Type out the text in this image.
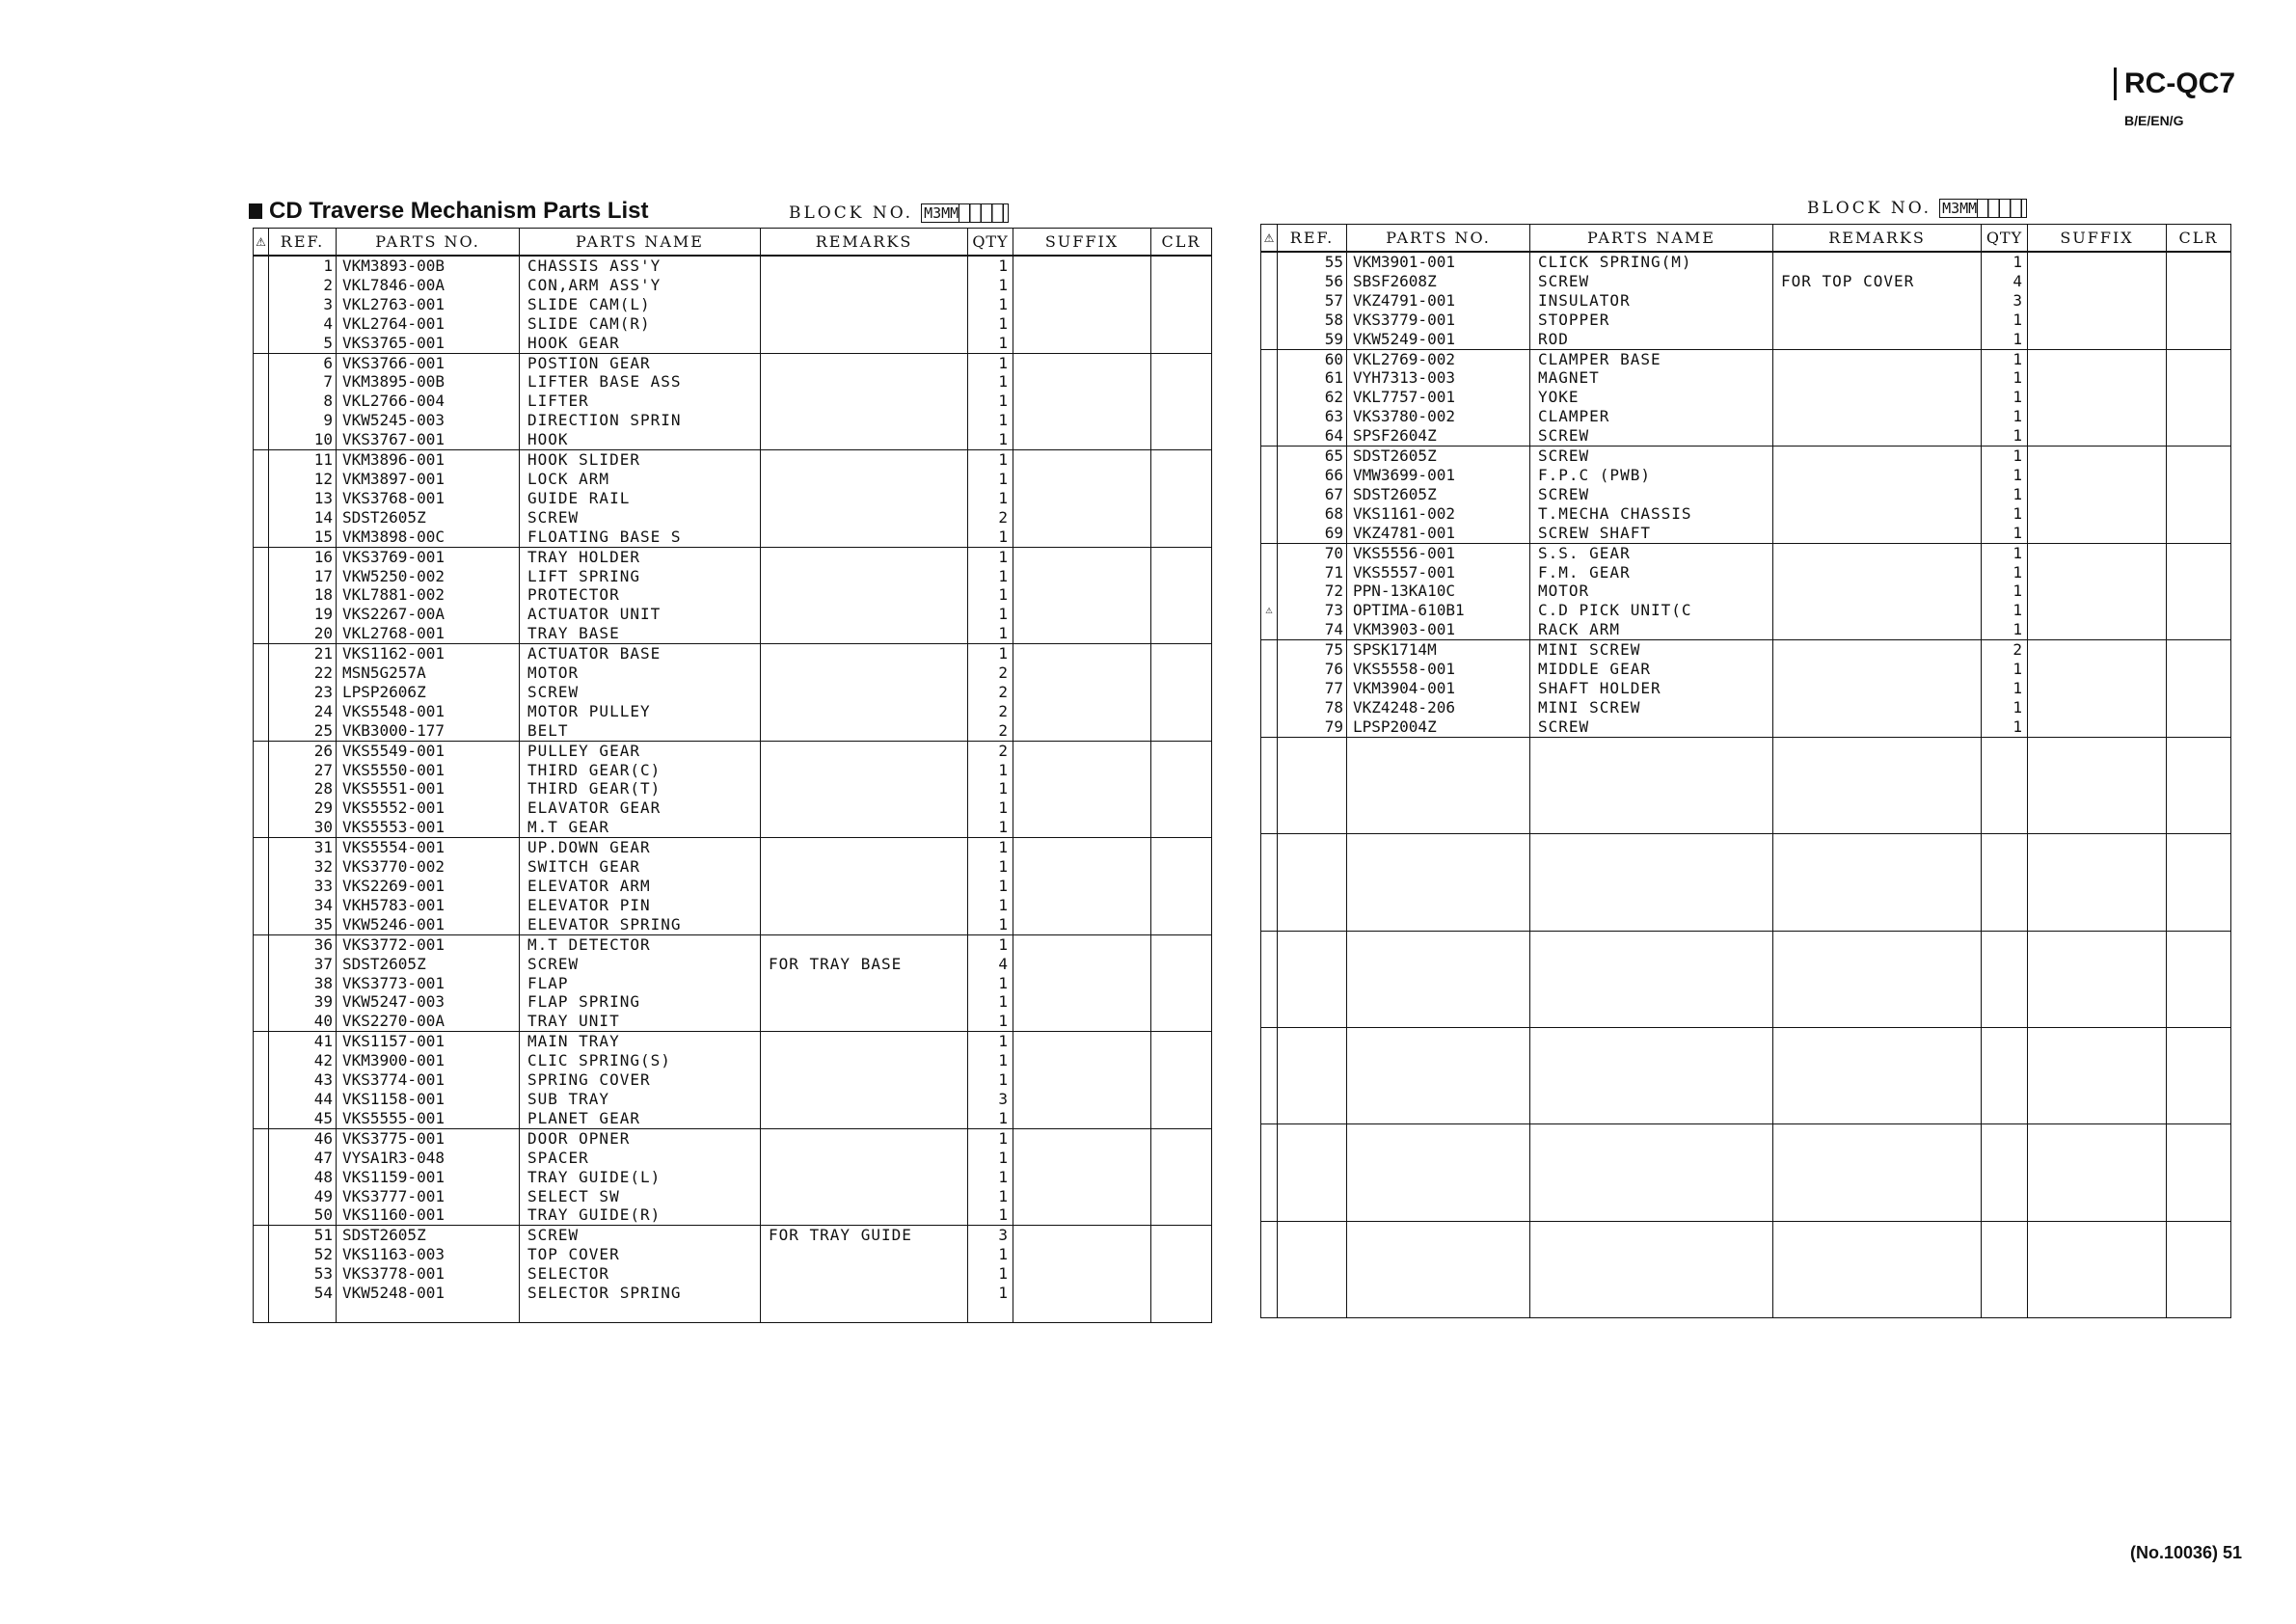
RC-QC7 B/E/EN/G
CD Traverse Mechanism Parts List	BLOCK NO. M3MM	BLOCK NO. M3MM
⚠	REF.	PARTS NO.	PARTS NAME	REMARKS	QTY	SUFFIX	CLR
	1	VKM3893-00B	CHASSIS ASS'Y		1		
	2	VKL7846-00A	CON,ARM ASS'Y		1		
	3	VKL2763-001	SLIDE CAM(L)		1		
	4	VKL2764-001	SLIDE CAM(R)		1		
	5	VKS3765-001	HOOK GEAR		1		
	6	VKS3766-001	POSTION GEAR		1		
	7	VKM3895-00B	LIFTER BASE ASS		1		
	8	VKL2766-004	LIFTER		1		
	9	VKW5245-003	DIRECTION SPRIN		1		
	10	VKS3767-001	HOOK		1		
	11	VKM3896-001	HOOK SLIDER		1		
	12	VKM3897-001	LOCK ARM		1		
	13	VKS3768-001	GUIDE RAIL		1		
	14	SDST2605Z	SCREW		2		
	15	VKM3898-00C	FLOATING BASE S		1		
	16	VKS3769-001	TRAY HOLDER		1		
	17	VKW5250-002	LIFT SPRING		1		
	18	VKL7881-002	PROTECTOR		1		
	19	VKS2267-00A	ACTUATOR UNIT		1		
	20	VKL2768-001	TRAY BASE		1		
	21	VKS1162-001	ACTUATOR BASE		1		
	22	MSN5G257A	MOTOR		2		
	23	LPSP2606Z	SCREW		2		
	24	VKS5548-001	MOTOR PULLEY		2		
	25	VKB3000-177	BELT		2		
	26	VKS5549-001	PULLEY GEAR		2		
	27	VKS5550-001	THIRD GEAR(C)		1		
	28	VKS5551-001	THIRD GEAR(T)		1		
	29	VKS5552-001	ELAVATOR GEAR		1		
	30	VKS5553-001	M.T GEAR		1		
	31	VKS5554-001	UP.DOWN GEAR		1		
	32	VKS3770-002	SWITCH GEAR		1		
	33	VKS2269-001	ELEVATOR ARM		1		
	34	VKH5783-001	ELEVATOR PIN		1		
	35	VKW5246-001	ELEVATOR SPRING		1		
	36	VKS3772-001	M.T DETECTOR		1		
	37	SDST2605Z	SCREW	FOR TRAY BASE	4		
	38	VKS3773-001	FLAP		1		
	39	VKW5247-003	FLAP SPRING		1		
	40	VKS2270-00A	TRAY UNIT		1		
	41	VKS1157-001	MAIN TRAY		1		
	42	VKM3900-001	CLIC SPRING(S)		1		
	43	VKS3774-001	SPRING COVER		1		
	44	VKS1158-001	SUB TRAY		3		
	45	VKS5555-001	PLANET GEAR		1		
	46	VKS3775-001	DOOR OPNER		1		
	47	VYSA1R3-048	SPACER		1		
	48	VKS1159-001	TRAY GUIDE(L)		1		
	49	VKS3777-001	SELECT SW		1		
	50	VKS1160-001	TRAY GUIDE(R)		1		
	51	SDST2605Z	SCREW	FOR TRAY GUIDE	3		
	52	VKS1163-003	TOP COVER		1		
	53	VKS3778-001	SELECTOR		1		
	54	VKW5248-001	SELECTOR SPRING		1		

⚠	REF.	PARTS NO.	PARTS NAME	REMARKS	QTY	SUFFIX	CLR
	55	VKM3901-001	CLICK SPRING(M)		1		
	56	SBSF2608Z	SCREW	FOR TOP COVER	4		
	57	VKZ4791-001	INSULATOR		3		
	58	VKS3779-001	STOPPER		1		
	59	VKW5249-001	ROD		1		
	60	VKL2769-002	CLAMPER BASE		1		
	61	VYH7313-003	MAGNET		1		
	62	VKL7757-001	YOKE		1		
	63	VKS3780-002	CLAMPER		1		
	64	SPSF2604Z	SCREW		1		
	65	SDST2605Z	SCREW		1		
	66	VMW3699-001	F.P.C (PWB)		1		
	67	SDST2605Z	SCREW		1		
	68	VKS1161-002	T.MECHA CHASSIS		1		
	69	VKZ4781-001	SCREW SHAFT		1		
	70	VKS5556-001	S.S. GEAR		1		
	71	VKS5557-001	F.M. GEAR		1		
	72	PPN-13KA10C	MOTOR		1		
⚠	73	OPTIMA-610B1	C.D PICK UNIT(C		1		
	74	VKM3903-001	RACK ARM		1		
	75	SPSK1714M	MINI SCREW		2		
	76	VKS5558-001	MIDDLE GEAR		1		
	77	VKM3904-001	SHAFT HOLDER		1		
	78	VKZ4248-206	MINI SCREW		1		
	79	LPSP2004Z	SCREW		1		

(No.10036) 51
